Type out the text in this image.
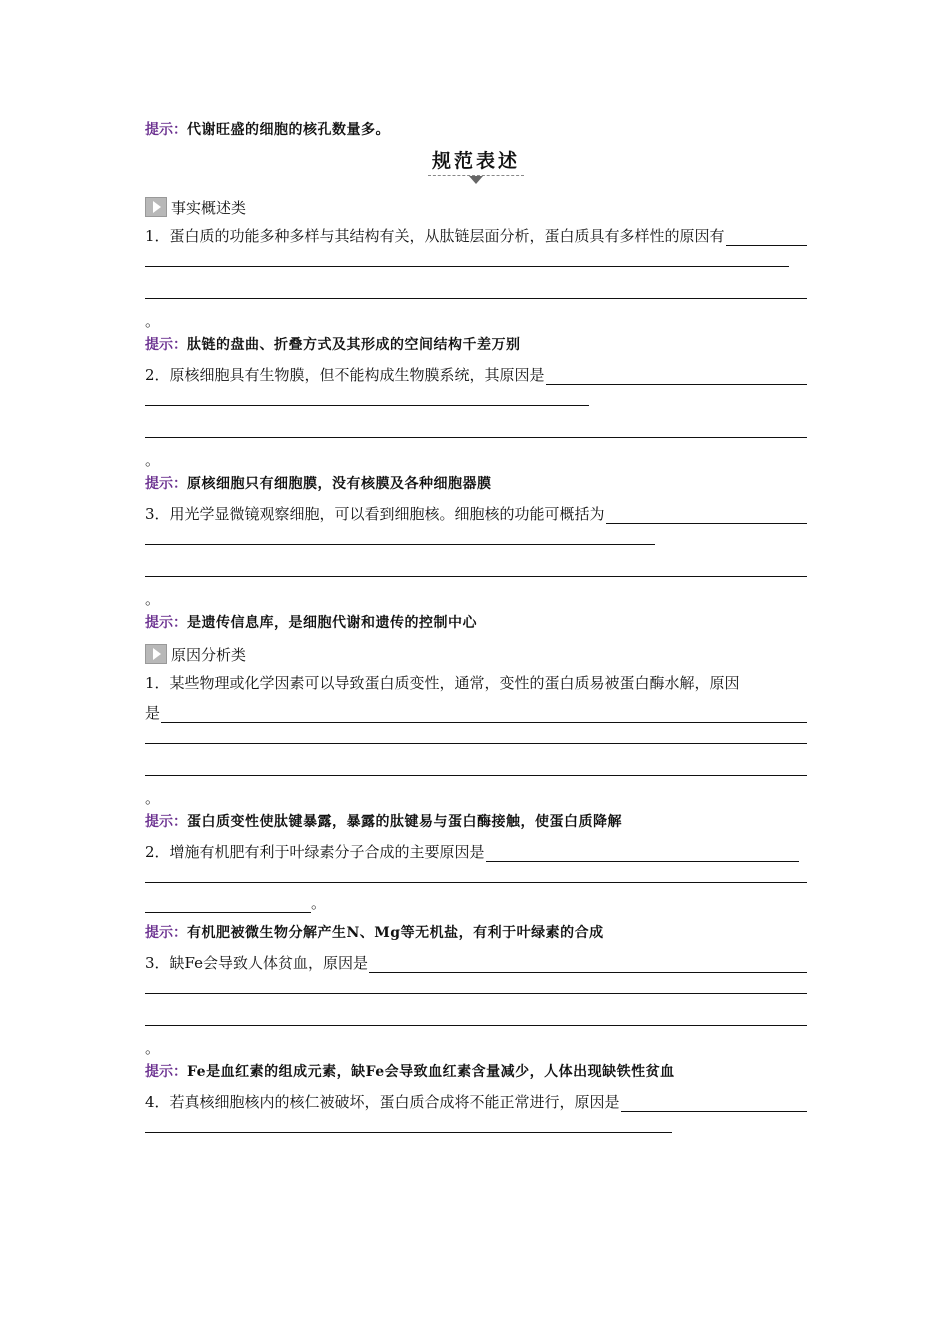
提示：代谢旺盛的细胞的核孔数量多。
规范表述
事实概述类
1．蛋白质的功能多种多样与其结构有关，从肽链层面分析，蛋白质具有多样性的原因有
。
提示：肽链的盘曲、折叠方式及其形成的空间结构千差万别
2．原核细胞具有生物膜，但不能构成生物膜系统，其原因是
。
提示：原核细胞只有细胞膜，没有核膜及各种细胞器膜
3．用光学显微镜观察细胞，可以看到细胞核。细胞核的功能可概括为
。
提示：是遗传信息库，是细胞代谢和遗传的控制中心
原因分析类
1．某些物理或化学因素可以导致蛋白质变性，通常，变性的蛋白质易被蛋白酶水解，原因
是
。
提示：蛋白质变性使肽键暴露，暴露的肽键易与蛋白酶接触，使蛋白质降解
2．增施有机肥有利于叶绿素分子合成的主要原因是
。
提示：有机肥被微生物分解产生N、Mg等无机盐，有利于叶绿素的合成
3．缺Fe会导致人体贫血，原因是
。
提示：Fe是血红素的组成元素，缺Fe会导致血红素含量减少，人体出现缺铁性贫血
4．若真核细胞核内的核仁被破坏，蛋白质合成将不能正常进行，原因是
